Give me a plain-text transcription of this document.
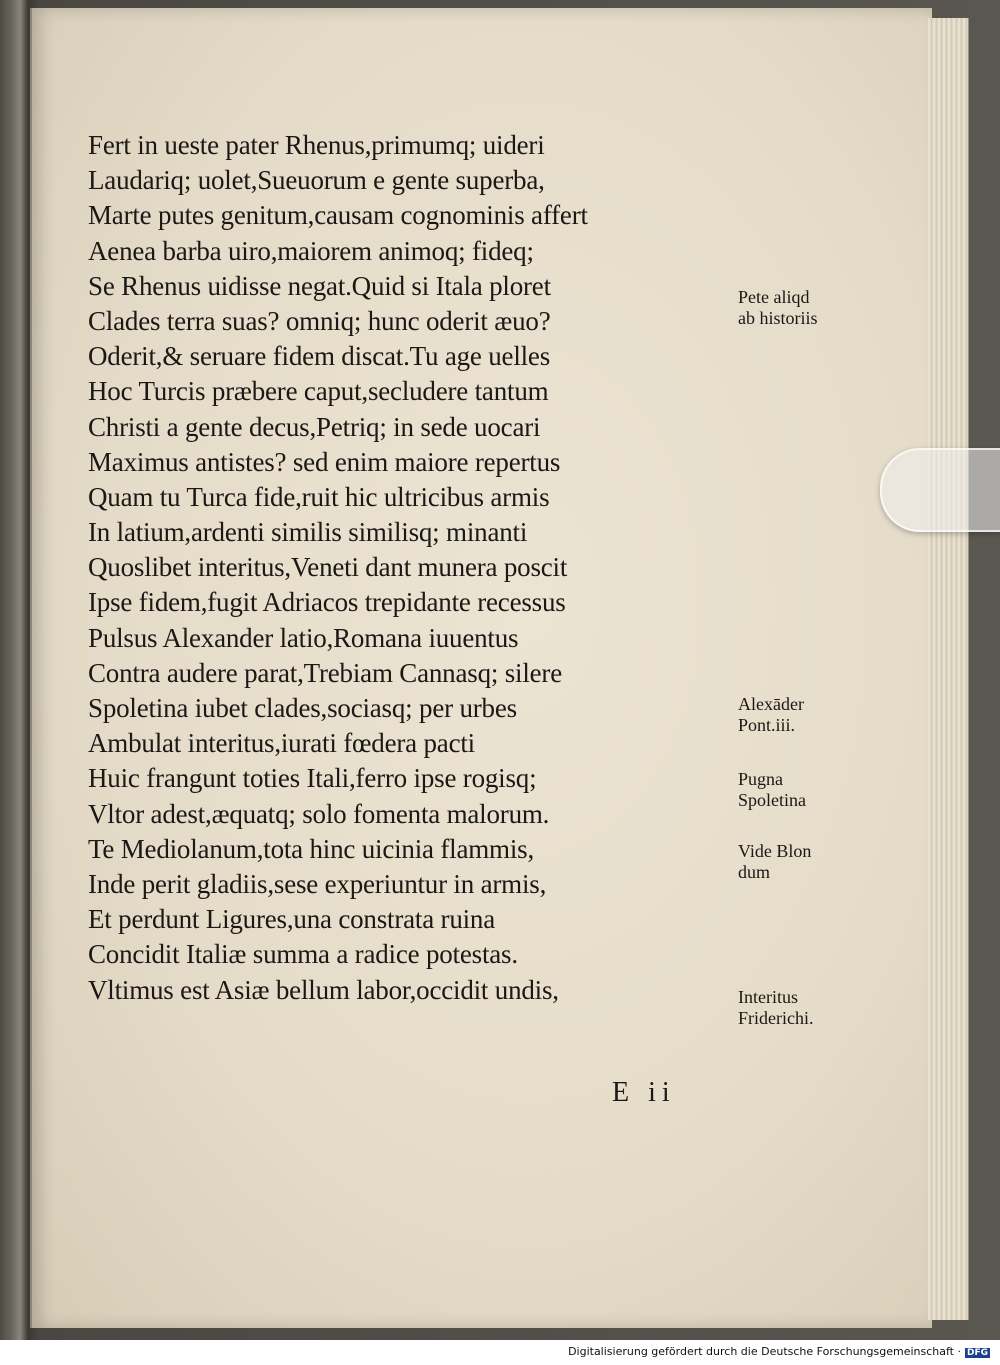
Fert in ueste pater Rhenus,primumq; uideri
Laudariq; uolet,Sueuorum e gente superba,
Marte putes genitum,causam cognominis affert
Aenea barba uiro,maiorem animoq; fideq;
Se Rhenus uidisse negat.Quid si Itala ploret
Clades terra suas? omniq; hunc oderit æuo?
Oderit,& seruare fidem discat.Tu age uelles
Hoc Turcis præbere caput,secludere tantum
Christi a gente decus,Petriq; in sede uocari
Maximus antistes? sed enim maiore repertus
Quam tu Turca fide,ruit hic ultricibus armis
In latium,ardenti similis similisq; minanti
Quoslibet interitus,Veneti dant munera poscit
Ipse fidem,fugit Adriacos trepidante recessus
Pulsus Alexander latio,Romana iuuentus
Contra audere parat,Trebiam Cannasq; silere
Spoletina iubet clades,sociasq; per urbes
Ambulat interitus,iurati fœdera pacti
Huic frangunt toties Itali,ferro ipse rogisq;
Vltor adest,æquatq; solo fomenta malorum.
Te Mediolanum,tota hinc uicinia flammis,
Inde perit gladiis,sese experiuntur in armis,
Et perdunt Ligures,una constrata ruina
Concidit Italiæ summa a radice potestas.
Vltimus est Asiæ bellum labor,occidit undis,
Pete aliqd
ab historiis
Alexāder
Pont.iii.
Pugna
Spoletina
Vide Blon
dum
Interitus
Friderichi.
E ii
Digitalisierung gefördert durch die Deutsche Forschungsgemeinschaft · DFG
